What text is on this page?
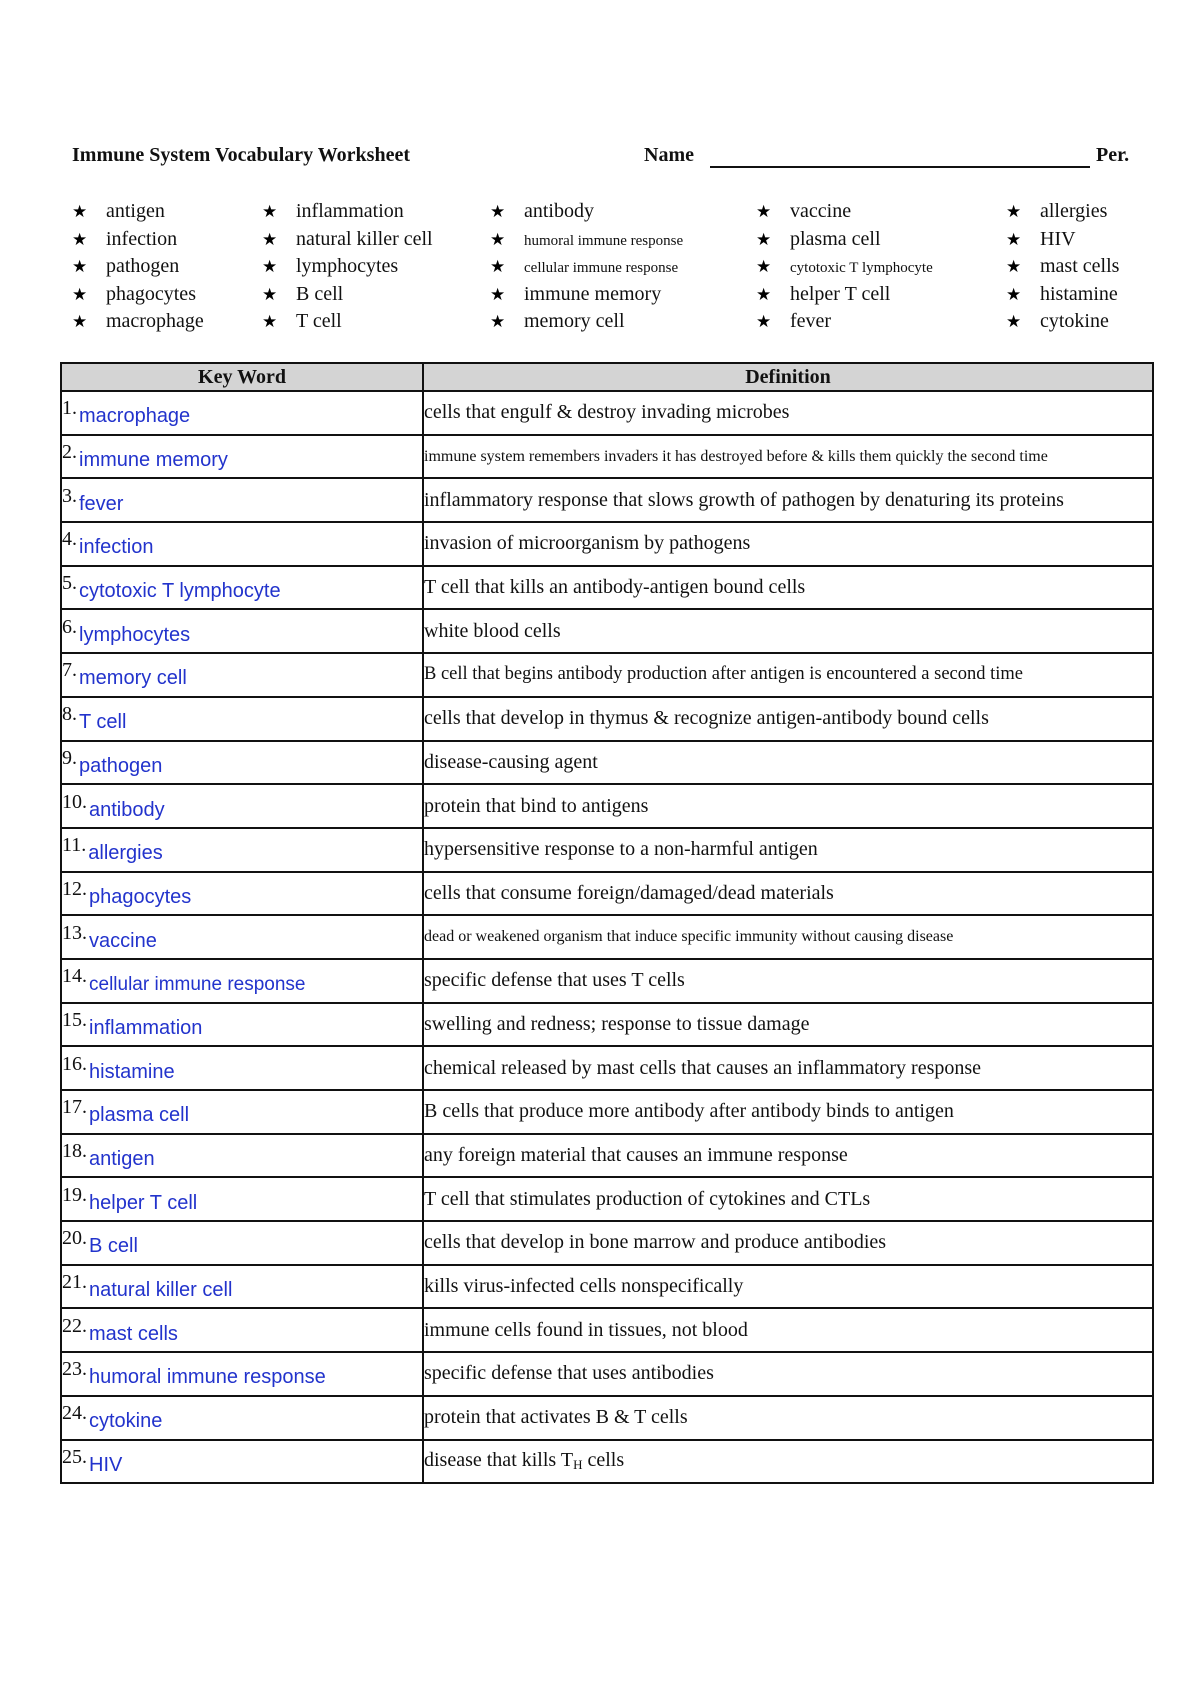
Immune System Vocabulary Worksheet	Name	Per.
★ antigen
★ infection
★ pathogen
★ phagocytes
★ macrophage
★ inflammation
★ natural killer cell
★ lymphocytes
★ B cell
★ T cell
★ antibody
★ humoral immune response
★ cellular immune response
★ immune memory
★ memory cell
★ vaccine
★ plasma cell
★ cytotoxic T lymphocyte
★ helper T cell
★ fever
★ allergies
★ HIV
★ mast cells
★ histamine
★ cytokine
Key Word	Definition
1. macrophage	cells that engulf & destroy invading microbes
2. immune memory	immune system remembers invaders it has destroyed before & kills them quickly the second time
3. fever	inflammatory response that slows growth of pathogen by denaturing its proteins
4. infection	invasion of microorganism by pathogens
5. cytotoxic T lymphocyte	T cell that kills an antibody-antigen bound cells
6. lymphocytes	white blood cells
7. memory cell	B cell that begins antibody production after antigen is encountered a second time
8. T cell	cells that develop in thymus & recognize antigen-antibody bound cells
9. pathogen	disease-causing agent
10. antibody	protein that bind to antigens
11. allergies	hypersensitive response to a non-harmful antigen
12. phagocytes	cells that consume foreign/damaged/dead materials
13. vaccine	dead or weakened organism that induce specific immunity without causing disease
14. cellular immune response	specific defense that uses T cells
15. inflammation	swelling and redness; response to tissue damage
16. histamine	chemical released by mast cells that causes an inflammatory response
17. plasma cell	B cells that produce more antibody after antibody binds to antigen
18. antigen	any foreign material that causes an immune response
19. helper T cell	T cell that stimulates production of cytokines and CTLs
20. B cell	cells that develop in bone marrow and produce antibodies
21. natural killer cell	kills virus-infected cells nonspecifically
22. mast cells	immune cells found in tissues, not blood
23. humoral immune response	specific defense that uses antibodies
24. cytokine	protein that activates B & T cells
25. HIV	disease that kills $T_H$ cells
